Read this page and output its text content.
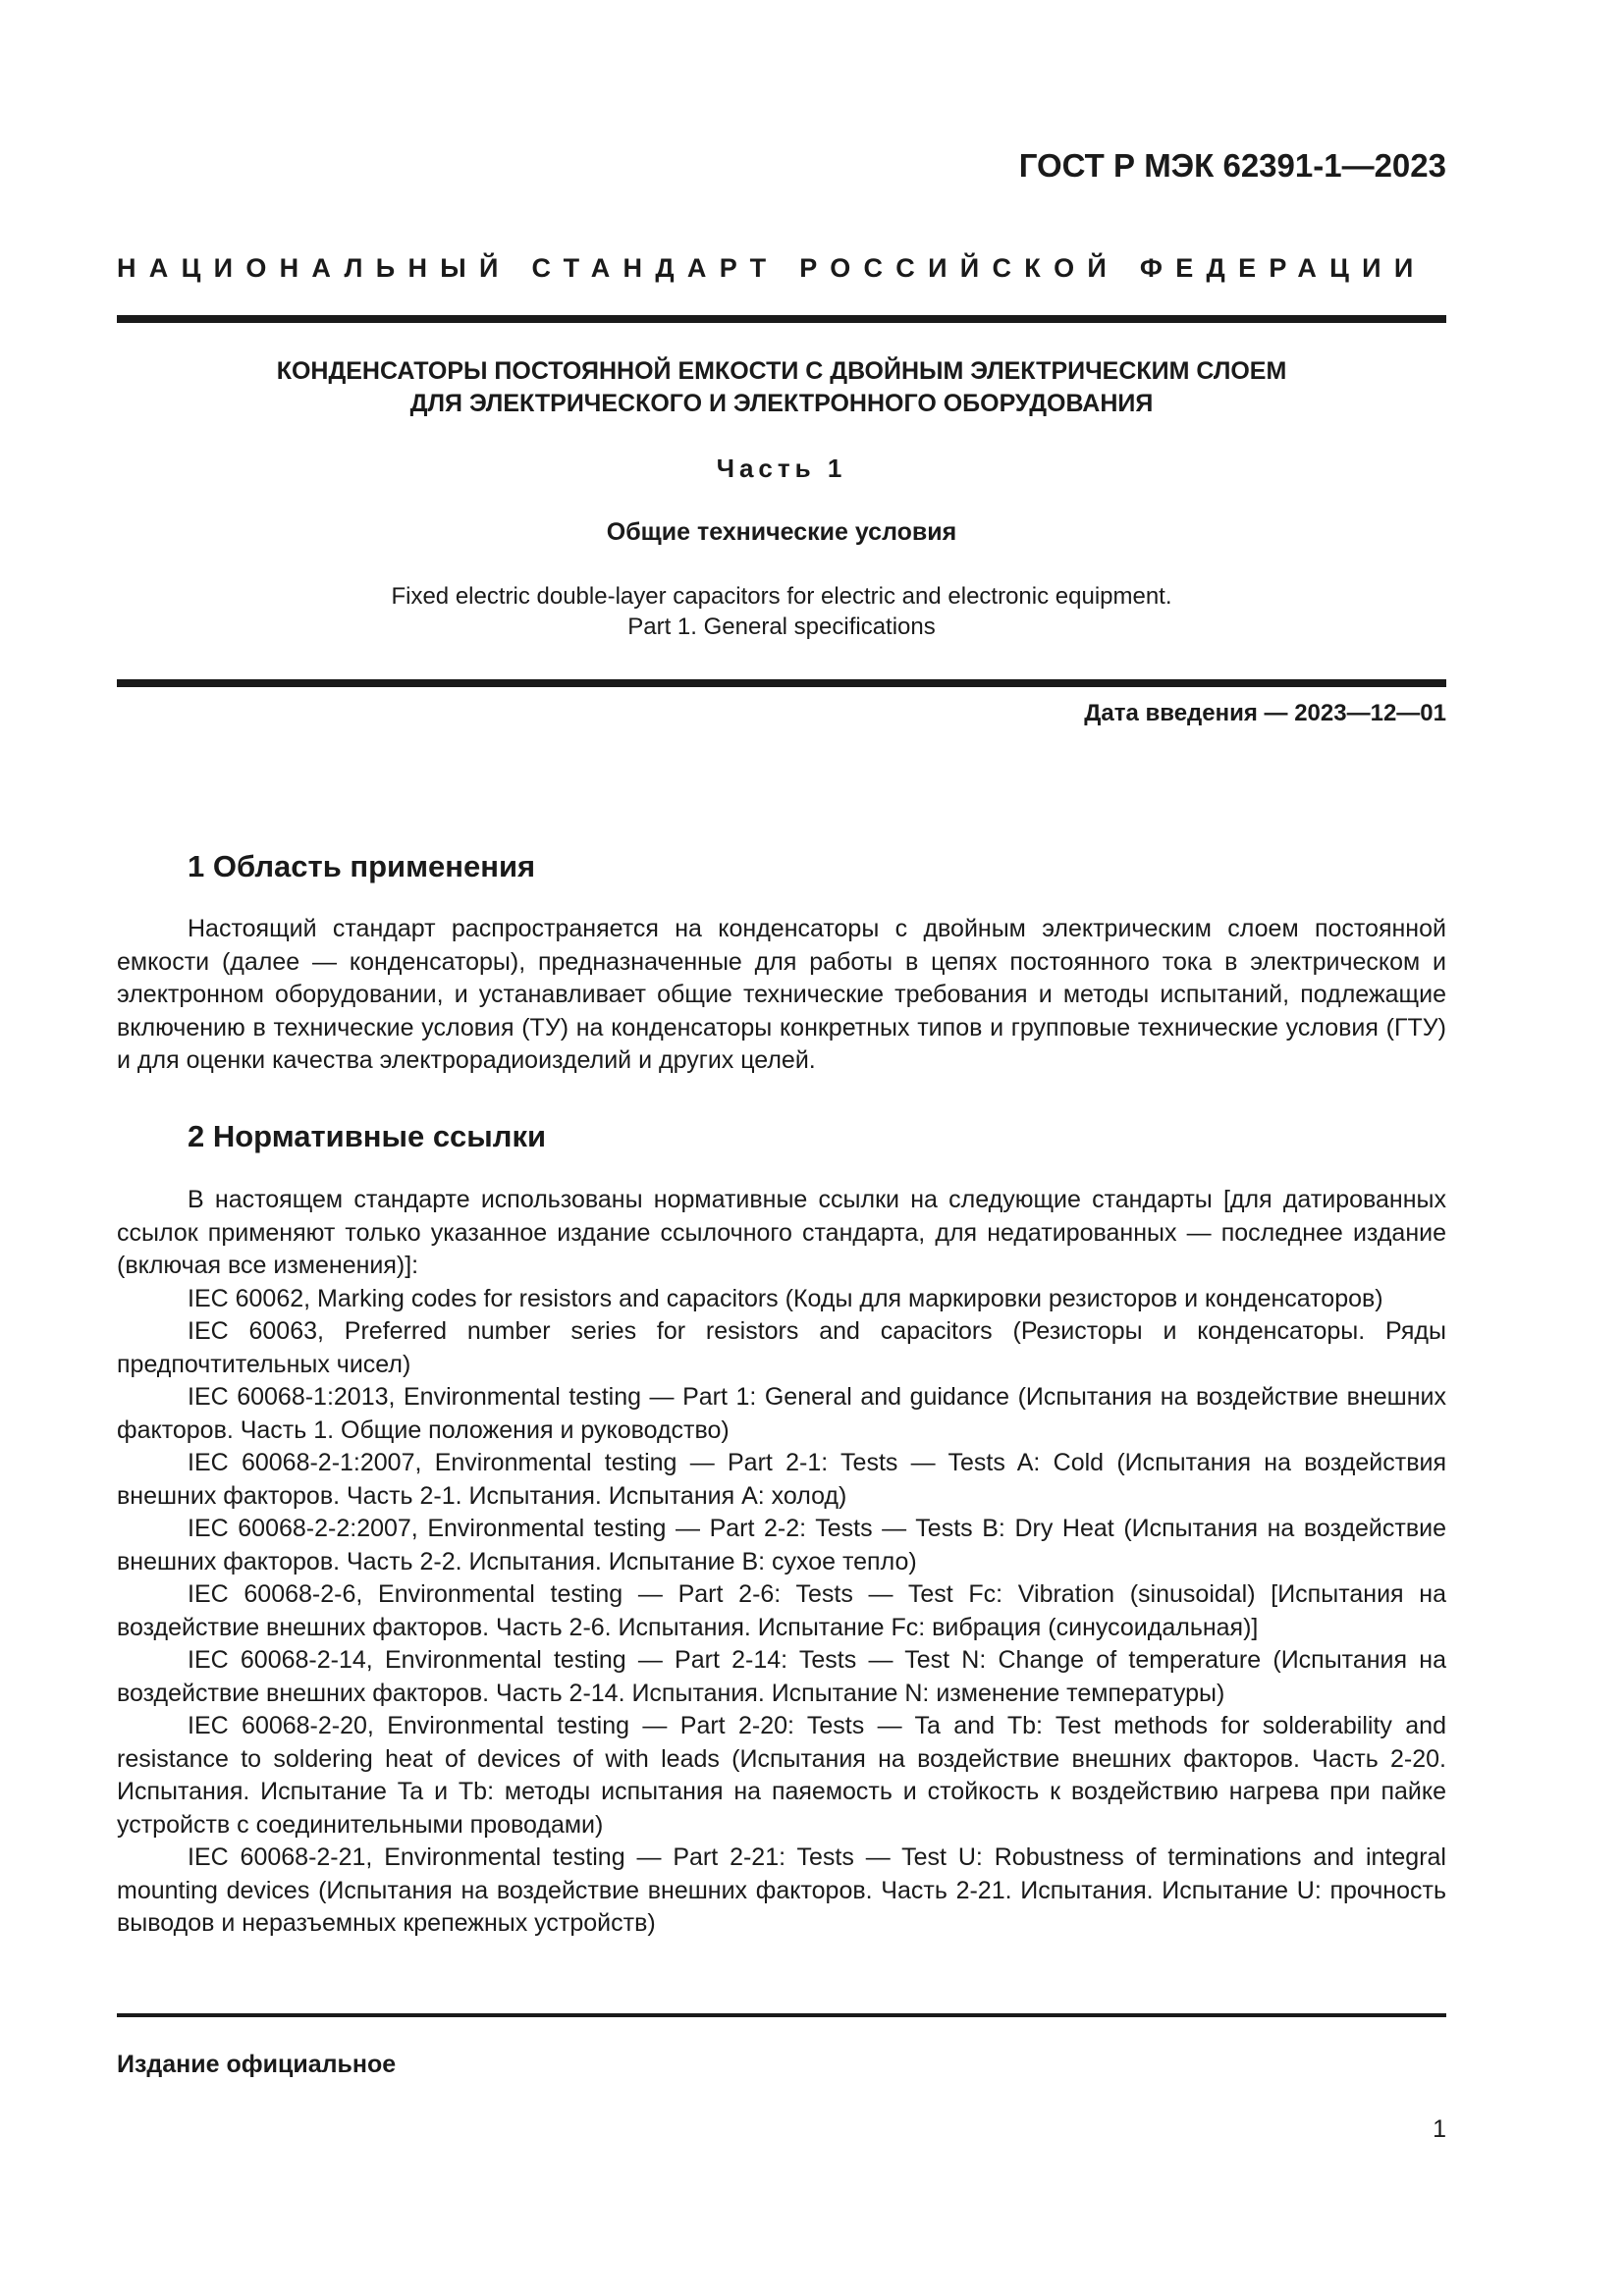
ГОСТ Р МЭК 62391-1—2023
НАЦИОНАЛЬНЫЙ СТАНДАРТ РОССИЙСКОЙ ФЕДЕРАЦИИ
КОНДЕНСАТОРЫ ПОСТОЯННОЙ ЕМКОСТИ С ДВОЙНЫМ ЭЛЕКТРИЧЕСКИМ СЛОЕМ
ДЛЯ ЭЛЕКТРИЧЕСКОГО И ЭЛЕКТРОННОГО ОБОРУДОВАНИЯ
Часть 1
Общие технические условия
Fixed electric double-layer capacitors for electric and electronic equipment.
Part 1. General specifications
Дата введения — 2023—12—01
1 Область применения

Настоящий стандарт распространяется на конденсаторы с двойным электрическим слоем постоянной емкости (далее — конденсаторы), предназначенные для работы в цепях постоянного тока в электрическом и электронном оборудовании, и устанавливает общие технические требования и методы испытаний, подлежащие включению в технические условия (ТУ) на конденсаторы конкретных типов и групповые технические условия (ГТУ) и для оценки качества электрорадиоизделий и других целей.

2 Нормативные ссылки

В настоящем стандарте использованы нормативные ссылки на следующие стандарты [для датированных ссылок применяют только указанное издание ссылочного стандарта, для недатированных — последнее издание (включая все изменения)]:

IEC 60062, Marking codes for resistors and capacitors (Коды для маркировки резисторов и конденсаторов)

IEC 60063, Preferred number series for resistors and capacitors (Резисторы и конденсаторы. Ряды предпочтительных чисел)

IEC 60068-1:2013, Environmental testing — Part 1: General and guidance (Испытания на воздействие внешних факторов. Часть 1. Общие положения и руководство)

IEC 60068-2-1:2007, Environmental testing — Part 2-1: Tests — Tests A: Cold (Испытания на воздействия внешних факторов. Часть 2-1. Испытания. Испытания А: холод)

IEC 60068-2-2:2007, Environmental testing — Part 2-2: Tests — Tests B: Dry Heat (Испытания на воздействие внешних факторов. Часть 2-2. Испытания. Испытание В: сухое тепло)

IEC 60068-2-6, Environmental testing — Part 2-6: Tests — Test Fc: Vibration (sinusoidal) [Испытания на воздействие внешних факторов. Часть 2-6. Испытания. Испытание Fc: вибрация (синусоидальная)]

IEC 60068-2-14, Environmental testing — Part 2-14: Tests — Test N: Change of temperature (Испытания на воздействие внешних факторов. Часть 2-14. Испытания. Испытание N: изменение температуры)

IEC 60068-2-20, Environmental testing — Part 2-20: Tests — Ta and Tb: Test methods for solderability and resistance to soldering heat of devices of with leads (Испытания на воздействие внешних факторов. Часть 2-20. Испытания. Испытание Ta и Tb: методы испытания на паяемость и стойкость к воздействию нагрева при пайке устройств с соединительными проводами)

IEC 60068-2-21, Environmental testing — Part 2-21: Tests — Test U: Robustness of terminations and integral mounting devices (Испытания на воздействие внешних факторов. Часть 2-21. Испытания. Испытание U: прочность выводов и неразъемных крепежных устройств)

Издание официальное
1
